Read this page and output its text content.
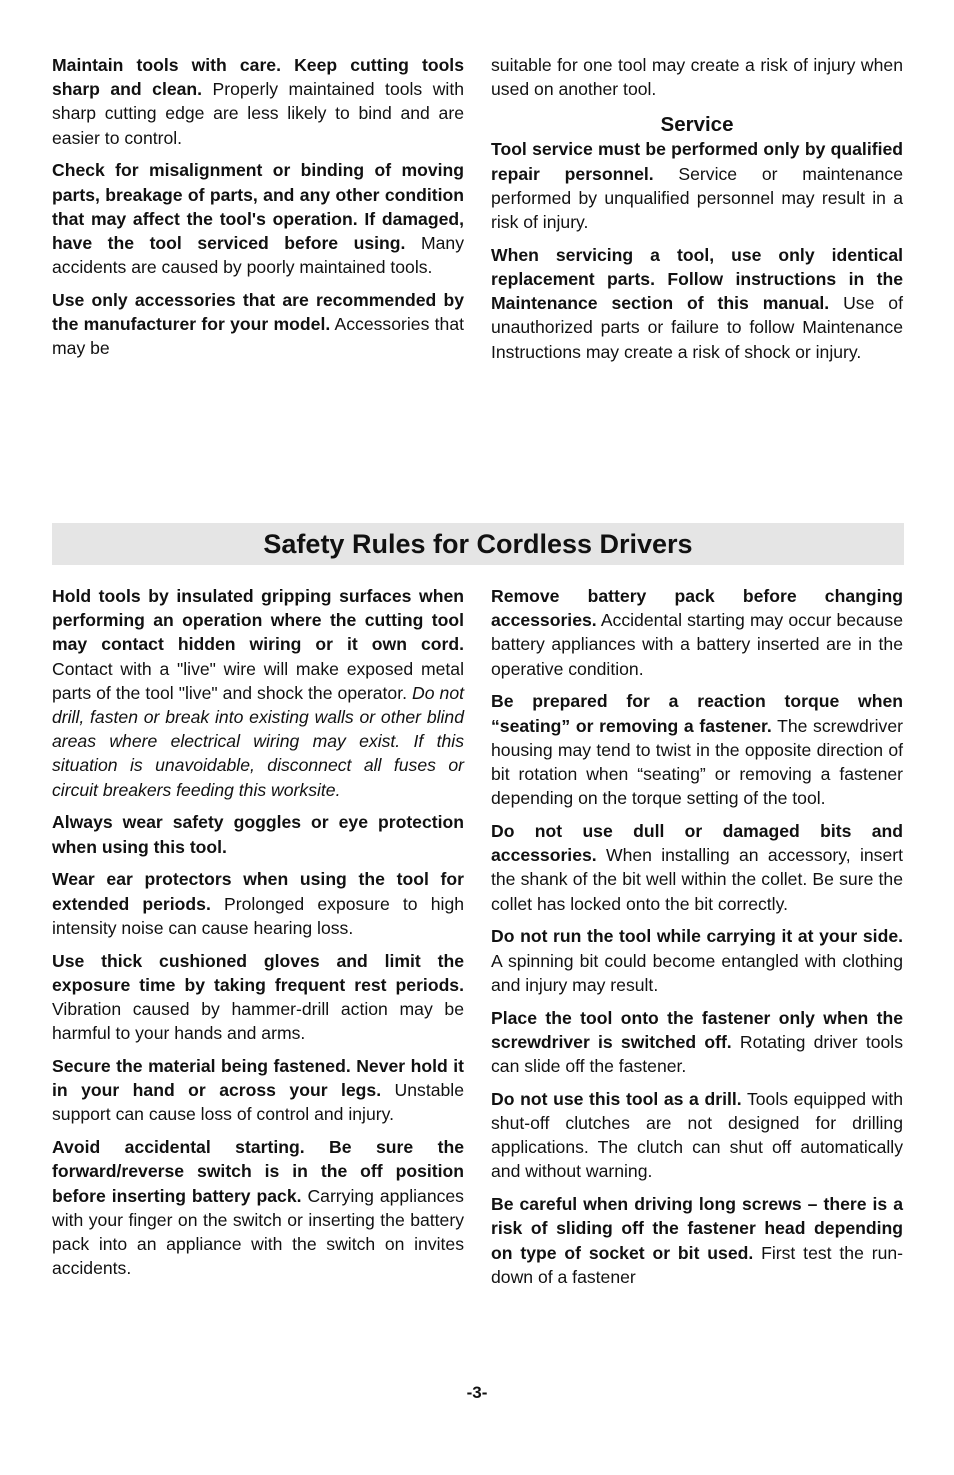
Maintain tools with care. Keep cutting tools sharp and clean. Properly maintained tools with sharp cutting edge are less likely to bind and are easier to control.

Check for misalignment or binding of moving parts, breakage of parts, and any other condition that may affect the tool's operation. If damaged, have the tool serviced before using. Many accidents are caused by poorly maintained tools.

Use only accessories that are recommended by the manufacturer for your model. Accessories that may be

suitable for one tool may create a risk of injury when used on another tool.

Service

Tool service must be performed only by qualified repair personnel. Service or maintenance performed by unqualified personnel may result in a risk of injury.

When servicing a tool, use only identical replacement parts. Follow instructions in the Maintenance section of this manual. Use of unauthorized parts or failure to follow Maintenance Instructions may create a risk of shock or injury.

Safety Rules for Cordless Drivers

Hold tools by insulated gripping surfaces when performing an operation where the cutting tool may contact hidden wiring or it own cord. Contact with a "live" wire will make exposed metal parts of the tool "live" and shock the operator. Do not drill, fasten or break into existing walls or other blind areas where electrical wiring may exist. If this situation is unavoidable, disconnect all fuses or circuit breakers feeding this worksite.

Always wear safety goggles or eye protection when using this tool.

Wear ear protectors when using the tool for extended periods. Prolonged exposure to high intensity noise can cause hearing loss.

Use thick cushioned gloves and limit the exposure time by taking frequent rest periods. Vibration caused by hammer-drill action may be harmful to your hands and arms.

Secure the material being fastened. Never hold it in your hand or across your legs. Unstable support can cause loss of control and injury.

Avoid accidental starting. Be sure the forward/reverse switch is in the off position before inserting battery pack. Carrying appliances with your finger on the switch or inserting the battery pack into an appliance with the switch on invites accidents.

Remove battery pack before changing accessories. Accidental starting may occur because battery appliances with a battery inserted are in the operative condition.

Be prepared for a reaction torque when “seating” or removing a fastener. The screwdriver housing may tend to twist in the opposite direction of bit rotation when “seating” or removing a fastener depending on the torque setting of the tool.

Do not use dull or damaged bits and accessories. When installing an accessory, insert the shank of the bit well within the collet. Be sure the collet has locked onto the bit correctly.

Do not run the tool while carrying it at your side. A spinning bit could become entangled with clothing and injury may result.

Place the tool onto the fastener only when the screwdriver is switched off. Rotating driver tools can slide off the fastener.

Do not use this tool as a drill. Tools equipped with shut-off clutches are not designed for drilling applications. The clutch can shut off automatically and without warning.

Be careful when driving long screws – there is a risk of sliding off the fastener head depending on type of socket or bit used. First test the run-down of a fastener

-3-
